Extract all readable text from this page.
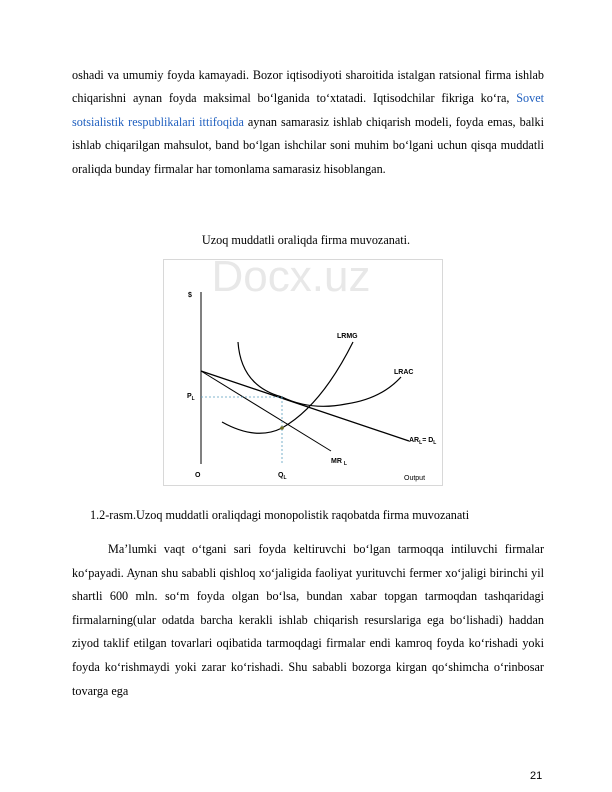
oshadi va umumiy foyda kamayadi. Bozor iqtisodiyoti sharoitida istalgan ratsional firma ishlab chiqarishni aynan foyda maksimal bo‘lganida to‘xtatadi. Iqtisodchilar fikriga ko‘ra, Sovet sotsialistik respublikalari ittifoqida aynan samarasiz ishlab chiqarish modeli, foyda emas, balki ishlab chiqarilgan mahsulot, band bo‘lgan ishchilar soni muhim bo‘lgani uchun qisqa muddatli oraliqda bunday firmalar har tomonlama samarasiz hisoblangan.

Uzoq muddatli oraliqda firma muvozanati.
Docx.uz
$
O
$P_L$
$Q_L$	Output
LRMG
LRAC
$AR_L= D_L$
MR $_L$
1.2-rasm.Uzoq muddatli oraliqdagi monopolistik raqobatda firma muvozanati

Ma’lumki vaqt o‘tgani sari foyda keltiruvchi bo‘lgan tarmoqqa intiluvchi firmalar ko‘payadi. Aynan shu sababli qishloq xo‘jaligida faoliyat yurituvchi fermer xo‘jaligi birinchi yil shartli 600 mln. so‘m foyda olgan bo‘lsa, bundan xabar topgan tarmoqdan tashqaridagi firmalarning(ular odatda barcha kerakli ishlab chiqarish resurslariga ega bo‘lishadi) haddan ziyod taklif etilgan tovarlari oqibatida tarmoqdagi firmalar endi kamroq foyda ko‘rishadi yoki foyda ko‘rishmaydi yoki zarar ko‘rishadi. Shu sababli bozorga kirgan qo‘shimcha o‘rinbosar tovarga ega

21
